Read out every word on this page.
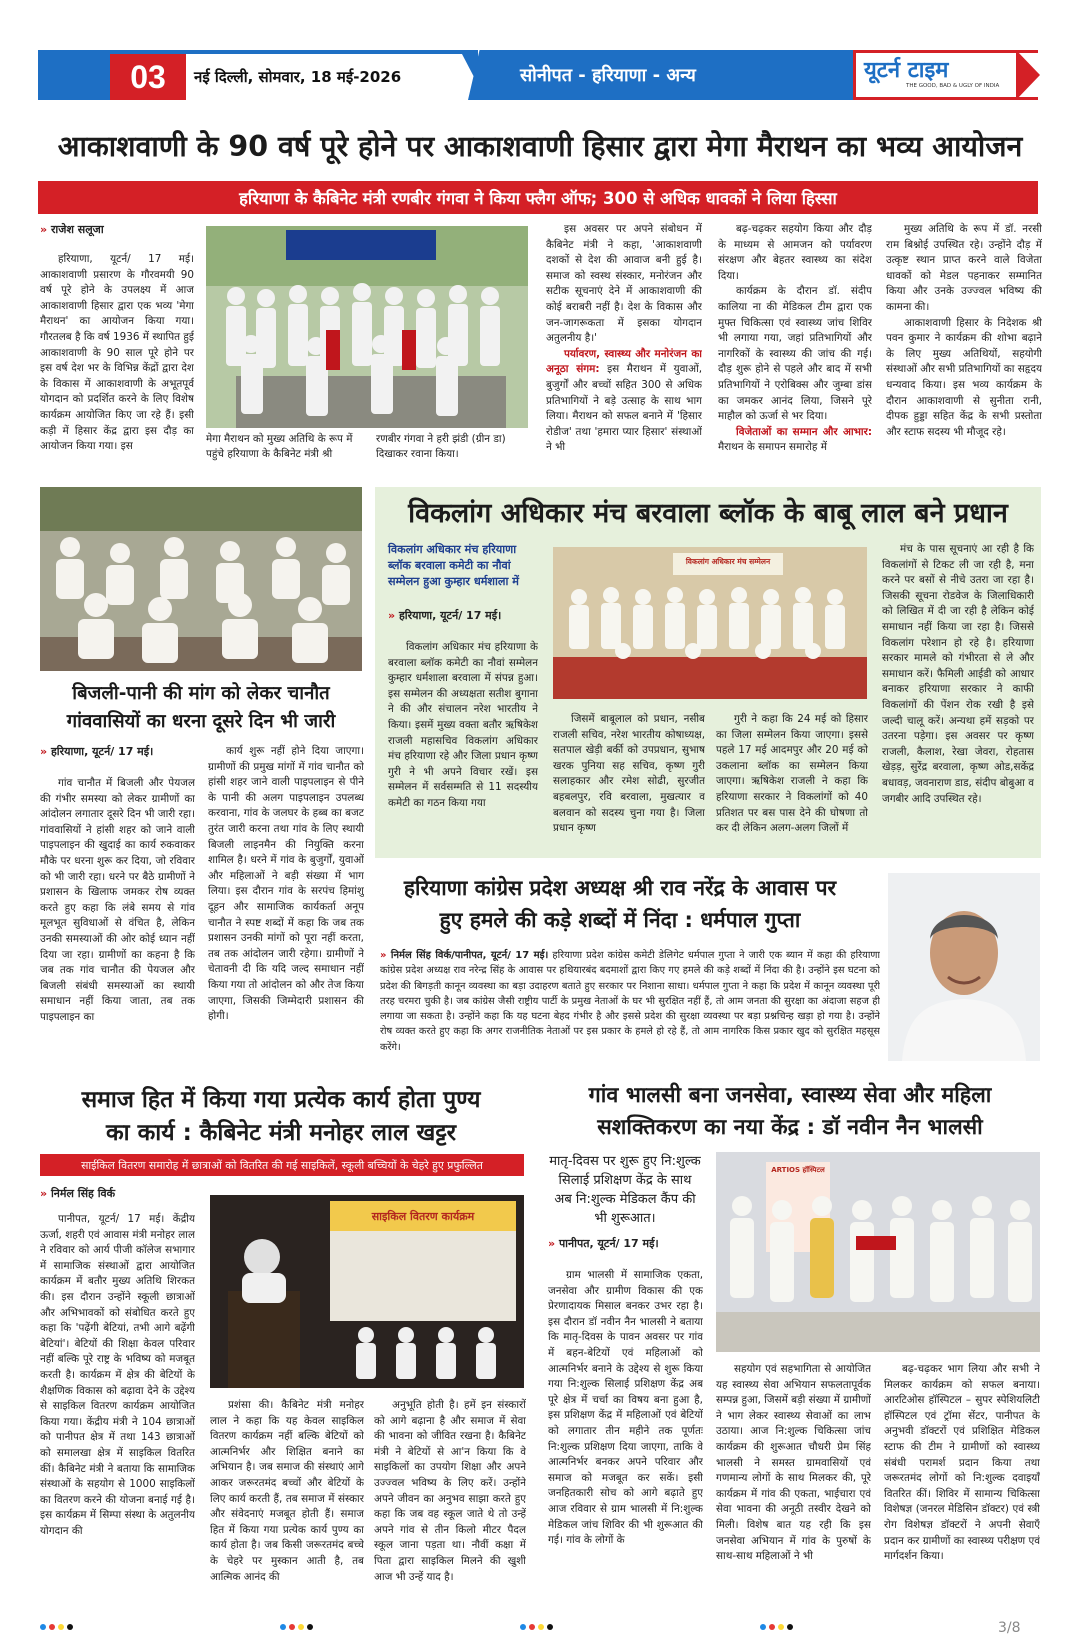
03	नई दिल्ली, सोमवार, 18 मई-2026	सोनीपत - हरियाणा - अन्य	यूटर्न टाइम
THE GOOD, BAD & UGLY OF INDIA
आकाशवाणी के 90 वर्ष पूरे होने पर आकाशवाणी हिसार द्वारा मेगा मैराथन का भव्य आयोजन
हरियाणा के कैबिनेट मंत्री रणबीर गंगवा ने किया फ्लैग ऑफ; 300 से अधिक धावकों ने लिया हिस्सा
» राजेश सलूजा

हरियाणा, यूटर्न/ 17 मई। आकाशवाणी प्रसारण के गौरवमयी 90 वर्ष पूरे होने के उपलक्ष्य में आज आकाशवाणी हिसार द्वारा एक भव्य 'मेगा मैराथन' का आयोजन किया गया। गौरतलब है कि वर्ष 1936 में स्थापित हुई आकाशवाणी के 90 साल पूरे होने पर इस वर्ष देश भर के विभिन्न केंद्रों द्वारा देश के विकास में आकाशवाणी के अभूतपूर्व योगदान को प्रदर्शित करने के लिए विशेष कार्यक्रम आयोजित किए जा रहे हैं। इसी कड़ी में हिसार केंद्र द्वारा इस दौड़ का आयोजन किया गया। इस

मेगा मैराथन को मुख्य अतिथि के रूप में पहुंचे हरियाणा के कैबिनेट मंत्री श्री
रणबीर गंगवा ने हरी झंडी (ग्रीन डा) दिखाकर रवाना किया।

इस अवसर पर अपने संबोधन में कैबिनेट मंत्री ने कहा, 'आकाशवाणी दशकों से देश की आवाज बनी हुई है। समाज को स्वस्थ संस्कार, मनोरंजन और सटीक सूचनाएं देने में आकाशवाणी की कोई बराबरी नहीं है। देश के विकास और जन-जागरूकता में इसका योगदान अतुलनीय है।'

पर्यावरण, स्वास्थ्य और मनोरंजन का अनूठा संगम: इस मैराथन में युवाओं, बुजुर्गों और बच्चों सहित 300 से अधिक प्रतिभागियों ने बड़े उत्साह के साथ भाग लिया। मैराथन को सफल बनाने में 'हिसार रोडीज' तथा 'हमारा प्यार हिसार' संस्थाओं ने भी

बढ़-चढ़कर सहयोग किया और दौड़ के माध्यम से आमजन को पर्यावरण संरक्षण और बेहतर स्वास्थ्य का संदेश दिया।

कार्यक्रम के दौरान डॉ. संदीप कालिया ना की मेडिकल टीम द्वारा एक मुफ्त चिकित्सा एवं स्वास्थ्य जांच शिविर भी लगाया गया, जहां प्रतिभागियों और नागरिकों के स्वास्थ्य की जांच की गई। दौड़ शुरू होने से पहले और बाद में सभी प्रतिभागियों ने एरोबिक्स और जुम्बा डांस का जमकर आनंद लिया, जिसने पूरे माहौल को ऊर्जा से भर दिया।

विजेताओं का सम्मान और आभार: मैराथन के समापन समारोह में

मुख्य अतिथि के रूप में डॉ. नरसी राम बिश्नोई उपस्थित रहे। उन्होंने दौड़ में उत्कृष्ट स्थान प्राप्त करने वाले विजेता धावकों को मेडल पहनाकर सम्मानित किया और उनके उज्ज्वल भविष्य की कामना की।

आकाशवाणी हिसार के निदेशक श्री पवन कुमार ने कार्यक्रम की शोभा बढ़ाने के लिए मुख्य अतिथियों, सहयोगी संस्थाओं और सभी प्रतिभागियों का सहृदय धन्यवाद किया। इस भव्य कार्यक्रम के दौरान आकाशवाणी से सुनीता रानी, दीपक हुड्डा सहित केंद्र के सभी प्रस्तोता और स्टाफ सदस्य भी मौजूद रहे।

बिजली-पानी की मांग को लेकर चानौत
गांववासियों का धरना दूसरे दिन भी जारी
» हरियाणा, यूटर्न/ 17 मई।

गांव चानौत में बिजली और पेयजल की गंभीर समस्या को लेकर ग्रामीणों का आंदोलन लगातार दूसरे दिन भी जारी रहा। गांववासियों ने हांसी शहर को जाने वाली पाइपलाइन की खुदाई का कार्य रुकवाकर मौके पर धरना शुरू कर दिया, जो रविवार को भी जारी रहा। धरने पर बैठे ग्रामीणों ने प्रशासन के खिलाफ जमकर रोष व्यक्त करते हुए कहा कि लंबे समय से गांव मूलभूत सुविधाओं से वंचित है, लेकिन उनकी समस्याओं की ओर कोई ध्यान नहीं दिया जा रहा। ग्रामीणों का कहना है कि जब तक गांव चानौत की पेयजल और बिजली संबंधी समस्याओं का स्थायी समाधान नहीं किया जाता, तब तक पाइपलाइन का

कार्य शुरू नहीं होने दिया जाएगा। ग्रामीणों की प्रमुख मांगों में गांव चानौत को हांसी शहर जाने वाली पाइपलाइन से पीने के पानी की अलग पाइपलाइन उपलब्ध करवाना, गांव के जलघर के हब्ब का बजट तुरंत जारी करना तथा गांव के लिए स्थायी बिजली लाइनमैन की नियुक्ति करना शामिल है। धरने में गांव के बुजुर्गों, युवाओं और महिलाओं ने बड़ी संख्या में भाग लिया। इस दौरान गांव के सरपंच हिमांशु दूहन और सामाजिक कार्यकर्ता अनूप चानौत ने स्पष्ट शब्दों में कहा कि जब तक प्रशासन उनकी मांगों को पूरा नहीं करता, तब तक आंदोलन जारी रहेगा। ग्रामीणों ने चेतावनी दी कि यदि जल्द समाधान नहीं किया गया तो आंदोलन को और तेज किया जाएगा, जिसकी जिम्मेदारी प्रशासन की होगी।

विकलांग अधिकार मंच बरवाला ब्लॉक के बाबू लाल बने प्रधान
विकलांग अधिकार मंच हरियाणा ब्लॉक बरवाला कमेटी का नौवां सम्मेलन हुआ कुम्हार धर्मशाला में
» हरियाणा, यूटर्न/ 17 मई।

विकलांग अधिकार मंच हरियाणा के बरवाला ब्लॉक कमेटी का नौवां सम्मेलन कुम्हार धर्मशाला बरवाला में संपन्न हुआ। इस सम्मेलन की अध्यक्षता सतीश बुगाना ने की और संचालन नरेश भारतीय ने किया। इसमें मुख्य वक्ता बतौर ऋषिकेश राजली महासचिव विकलांग अधिकार मंच हरियाणा रहे और जिला प्रधान कृष्ण गुरी ने भी अपने विचार रखें। इस सम्मेलन में सर्वसम्मति से 11 सदस्यीय कमेटी का गठन किया गया

विकलांग अधिकार मंच सम्मेलन

जिसमें बाबूलाल को प्रधान, नसीब राजली सचिव, नरेश भारतीय कोषाध्यक्ष, सतपाल खेड़ी बर्की को उपप्रधान, सुभाष खरक पुनिया सह सचिव, कृष्ण गुरी सलाहकार और रमेश सोढी, सुरजीत बहबलपुर, रवि बरवाला, मुखत्यार व बलवान को सदस्य चुना गया है। जिला प्रधान कृष्ण

गुरी ने कहा कि 24 मई को हिसार का जिला सम्मेलन किया जाएगा। इससे पहले 17 मई आदमपुर और 20 मई को उकलाना ब्लॉक का सम्मेलन किया जाएगा। ऋषिकेश राजली ने कहा कि हरियाणा सरकार ने विकलांगों को 40 प्रतिशत पर बस पास देने की घोषणा तो कर दी लेकिन अलग-अलग जिलों में

मंच के पास सूचनाएं आ रही है कि विकलांगों से टिकट ली जा रही है, मना करने पर बसों से नीचे उतरा जा रहा है। जिसकी सूचना रोडवेज के जिलाधिकारी को लिखित में दी जा रही है लेकिन कोई समाधान नहीं किया जा रहा है। जिससे विकलांग परेशान हो रहे है। हरियाणा सरकार मामले को गंभीरता से ले और समाधान करें। फैमिली आईडी को आधार बनाकर हरियाणा सरकार ने काफी विकलांगों की पेंशन रोक रखी है इसे जल्दी चालू करें। अन्यथा हमें सड़को पर उतरना पड़ेगा। इस अवसर पर कृष्ण राजली, कैलाश, रेखा जेवरा, रोहतास खेड़ड़, सुरेंद्र बरवाला, कृष्ण ओड,सकेंद्र बधावड़, जवनाराण डाड, संदीप बोबुआ व जगबीर आदि उपस्थित रहे।

हरियाणा कांग्रेस प्रदेश अध्यक्ष श्री राव नरेंद्र के आवास पर
हुए हमले की कड़े शब्दों में निंदा : धर्मपाल गुप्ता
» निर्मल सिंह विर्क/पानीपत, यूटर्न/ 17 मई। हरियाणा प्रदेश कांग्रेस कमेटी डेलिगेट धर्मपाल गुप्ता ने जारी एक ब्यान में कहा की हरियाणा कांग्रेस प्रदेश अध्यक्ष राव नरेन्द्र सिंह के आवास पर हथियारबंद बदमाशों द्वारा किए गए हमले की कड़े शब्दों में निंदा की है। उन्होंने इस घटना को प्रदेश की बिगड़ती कानून व्यवस्था का बड़ा उदाहरण बताते हुए सरकार पर निशाना साधा। धर्मपाल गुप्ता ने कहा कि प्रदेश में कानून व्यवस्था पूरी तरह चरमरा चुकी है। जब कांग्रेस जैसी राष्ट्रीय पार्टी के प्रमुख नेताओं के घर भी सुरक्षित नहीं हैं, तो आम जनता की सुरक्षा का अंदाजा सहज ही लगाया जा सकता है। उन्होंने कहा कि यह घटना बेहद गंभीर है और इससे प्रदेश की सुरक्षा व्यवस्था पर बड़ा प्रश्नचिन्ह खड़ा हो गया है। उन्होंने रोष व्यक्त करते हुए कहा कि अगर राजनीतिक नेताओं पर इस प्रकार के हमले हो रहे हैं, तो आम नागरिक किस प्रकार खुद को सुरक्षित महसूस करेंगे।
समाज हित में किया गया प्रत्येक कार्य होता पुण्य
का कार्य : कैबिनेट मंत्री मनोहर लाल खट्टर
साईकिल वितरण समारोह में छात्राओं को वितरित की गई साइकिलें, स्कूली बच्चियों के चेहरे हुए प्रफुल्लित
» निर्मल सिंह विर्क

पानीपत, यूटर्न/ 17 मई। केंद्रीय ऊर्जा, शहरी एवं आवास मंत्री मनोहर लाल ने रविवार को आर्य पीजी कॉलेज सभागार में सामाजिक संस्थाओं द्वारा आयोजित कार्यक्रम में बतौर मुख्य अतिथि शिरकत की। इस दौरान उन्होंने स्कूली छात्राओं और अभिभावकों को संबोधित करते हुए कहा कि 'पढ़ेंगी बेटियां, तभी आगे बढ़ेंगी बेटियां'। बेटियों की शिक्षा केवल परिवार नहीं बल्कि पूरे राष्ट्र के भविष्य को मजबूत करती है। कार्यक्रम में क्षेत्र की बेटियों के शैक्षणिक विकास को बढ़ावा देने के उद्देश्य से साइकिल वितरण कार्यक्रम आयोजित किया गया। केंद्रीय मंत्री ने 104 छात्राओं को पानीपत क्षेत्र में तथा 143 छात्राओं को समालखा क्षेत्र में साइकिल वितरित कीं। कैबिनेट मंत्री ने बताया कि सामाजिक संस्थाओं के सहयोग से 1000 साइकिलों का वितरण करने की योजना बनाई गई है। इस कार्यक्रम में सिम्पा संस्था के अतुलनीय योगदान की

साइकिल वितरण कार्यक्रम

प्रशंसा की। कैबिनेट मंत्री मनोहर लाल ने कहा कि यह केवल साइकिल वितरण कार्यक्रम नहीं बल्कि बेटियों को आत्मनिर्भर और शिक्षित बनाने का अभियान है। जब समाज की संस्थाएं आगे आकर जरूरतमंद बच्चों और बेटियों के लिए कार्य करती हैं, तब समाज में संस्कार और संवेदनाएं मजबूत होती हैं। समाज हित में किया गया प्रत्येक कार्य पुण्य का कार्य होता है। जब किसी जरूरतमंद बच्चे के चेहरे पर मुस्कान आती है, तब आत्मिक आनंद की

अनुभूति होती है। हमें इन संस्कारों को आगे बढ़ाना है और समाज में सेवा की भावना को जीवित रखना है। कैबिनेट मंत्री ने बेटियों से आ'न किया कि वे साइकिलों का उपयोग शिक्षा और अपने उज्ज्वल भविष्य के लिए करें। उन्होंने अपने जीवन का अनुभव साझा करते हुए कहा कि जब वह स्कूल जाते थे तो उन्हें अपने गांव से तीन किलो मीटर पैदल स्कूल जाना पड़ता था। नौवीं कक्षा में पिता द्वारा साइकिल मिलने की खुशी आज भी उन्हें याद है।

गांव भालसी बना जनसेवा, स्वास्थ्य सेवा और महिला
सशक्तिकरण का नया केंद्र : डॉ नवीन नैन भालसी
मातृ-दिवस पर शुरू हुए नि:शुल्क सिलाई प्रशिक्षण केंद्र के साथ अब नि:शुल्क मेडिकल कैंप की भी शुरूआत।
» पानीपत, यूटर्न/ 17 मई।

ग्राम भालसी में सामाजिक एकता, जनसेवा और ग्रामीण विकास की एक प्रेरणादायक मिसाल बनकर उभर रहा है। इस दौरान डॉ नवीन नैन भालसी ने बताया कि मातृ-दिवस के पावन अवसर पर गांव में बहन-बेटियों एवं महिलाओं को आत्मनिर्भर बनाने के उद्देश्य से शुरू किया गया नि:शुल्क सिलाई प्रशिक्षण केंद्र अब पूरे क्षेत्र में चर्चा का विषय बना हुआ है, इस प्रशिक्षण केंद्र में महिलाओं एवं बेटियों को लगातार तीन महीने तक पूर्णतः नि:शुल्क प्रशिक्षण दिया जाएगा, ताकि वे आत्मनिर्भर बनकर अपने परिवार और समाज को मजबूत कर सकें। इसी जनहितकारी सोच को आगे बढ़ाते हुए आज रविवार से ग्राम भालसी में नि:शुल्क मेडिकल जांच शिविर की भी शुरूआत की गई। गांव के लोगों के

ARTIOS हॉस्पिटल

सहयोग एवं सहभागिता से आयोजित यह स्वास्थ्य सेवा अभियान सफलतापूर्वक सम्पन्न हुआ, जिसमें बड़ी संख्या में ग्रामीणों ने भाग लेकर स्वास्थ्य सेवाओं का लाभ उठाया। आज नि:शुल्क चिकित्सा जांच कार्यक्रम की शुरूआत चौधरी प्रेम सिंह भालसी ने समस्त ग्रामवासियों एवं गणमान्य लोगों के साथ मिलकर की, पूरे कार्यक्रम में गांव की एकता, भाईचारा एवं सेवा भावना की अनूठी तस्वीर देखने को मिली। विशेष बात यह रही कि इस जनसेवा अभियान में गांव के पुरुषों के साथ-साथ महिलाओं ने भी

बढ़-चढ़कर भाग लिया और सभी ने मिलकर कार्यक्रम को सफल बनाया। आरटिओस हॉस्पिटल – सुपर स्पेशियलिटी हॉस्पिटल एवं ट्रॉमा सेंटर, पानीपत के अनुभवी डॉक्टरों एवं प्रशिक्षित मेडिकल स्टाफ की टीम ने ग्रामीणों को स्वास्थ्य संबंधी परामर्श प्रदान किया तथा जरूरतमंद लोगों को नि:शुल्क दवाइयाँ वितरित कीं। शिविर में सामान्य चिकित्सा विशेषज्ञ (जनरल मेडिसिन डॉक्टर) एवं स्त्री रोग विशेषज्ञ डॉक्टरों ने अपनी सेवाएँ प्रदान कर ग्रामीणों का स्वास्थ्य परीक्षण एवं मार्गदर्शन किया।

3/8
